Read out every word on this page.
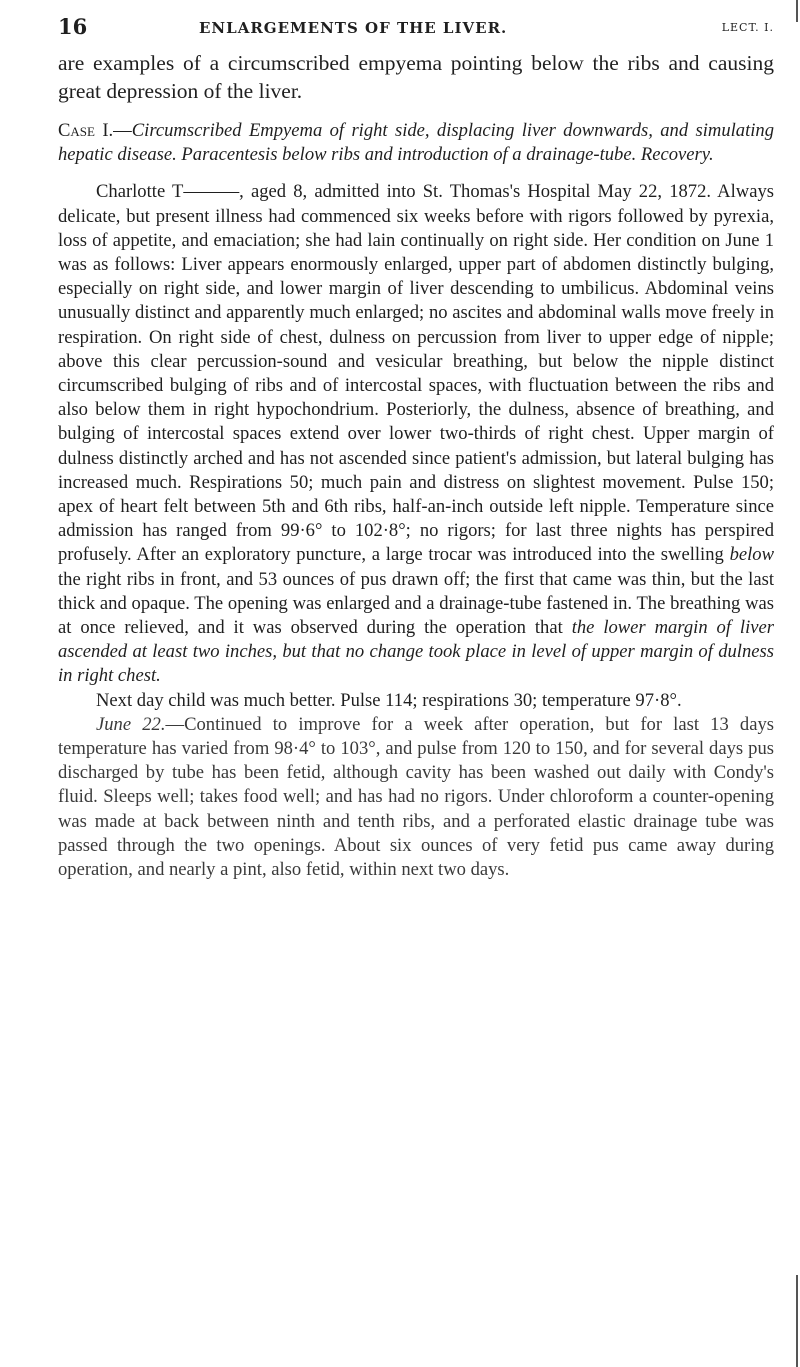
16	ENLARGEMENTS OF THE LIVER.	LECT. I.

are examples of a circumscribed empyema pointing below the ribs and causing great depression of the liver.

Case I.—Circumscribed Empyema of right side, displacing liver downwards, and simulating hepatic disease. Paracentesis below ribs and introduction of a drainage-tube. Recovery.

Charlotte T———, aged 8, admitted into St. Thomas's Hospital May 22, 1872. Always delicate, but present illness had commenced six weeks before with rigors followed by pyrexia, loss of appetite, and emaciation; she had lain continually on right side. Her condition on June 1 was as follows: Liver appears enormously enlarged, upper part of abdomen distinctly bulging, especially on right side, and lower margin of liver descending to umbilicus. Abdominal veins unusually distinct and apparently much enlarged; no ascites and abdominal walls move freely in respiration. On right side of chest, dulness on percussion from liver to upper edge of nipple; above this clear percussion-sound and vesicular breathing, but below the nipple distinct circumscribed bulging of ribs and of intercostal spaces, with fluctuation between the ribs and also below them in right hypochondrium. Posteriorly, the dulness, absence of breathing, and bulging of intercostal spaces extend over lower two-thirds of right chest. Upper margin of dulness distinctly arched and has not ascended since patient's admission, but lateral bulging has increased much. Respirations 50; much pain and distress on slightest movement. Pulse 150; apex of heart felt between 5th and 6th ribs, half-an-inch outside left nipple. Temperature since admission has ranged from 99·6° to 102·8°; no rigors; for last three nights has perspired profusely. After an exploratory puncture, a large trocar was introduced into the swelling below the right ribs in front, and 53 ounces of pus drawn off; the first that came was thin, but the last thick and opaque. The opening was enlarged and a drainage-tube fastened in. The breathing was at once relieved, and it was observed during the operation that the lower margin of liver ascended at least two inches, but that no change took place in level of upper margin of dulness in right chest.

Next day child was much better. Pulse 114; respirations 30; temperature 97·8°.

June 22.—Continued to improve for a week after operation, but for last 13 days temperature has varied from 98·4° to 103°, and pulse from 120 to 150, and for several days pus discharged by tube has been fetid, although cavity has been washed out daily with Condy's fluid. Sleeps well; takes food well; and has had no rigors. Under chloroform a counter-opening was made at back between ninth and tenth ribs, and a perforated elastic drainage tube was passed through the two openings. About six ounces of very fetid pus came away during operation, and nearly a pint, also fetid, within next two days.
